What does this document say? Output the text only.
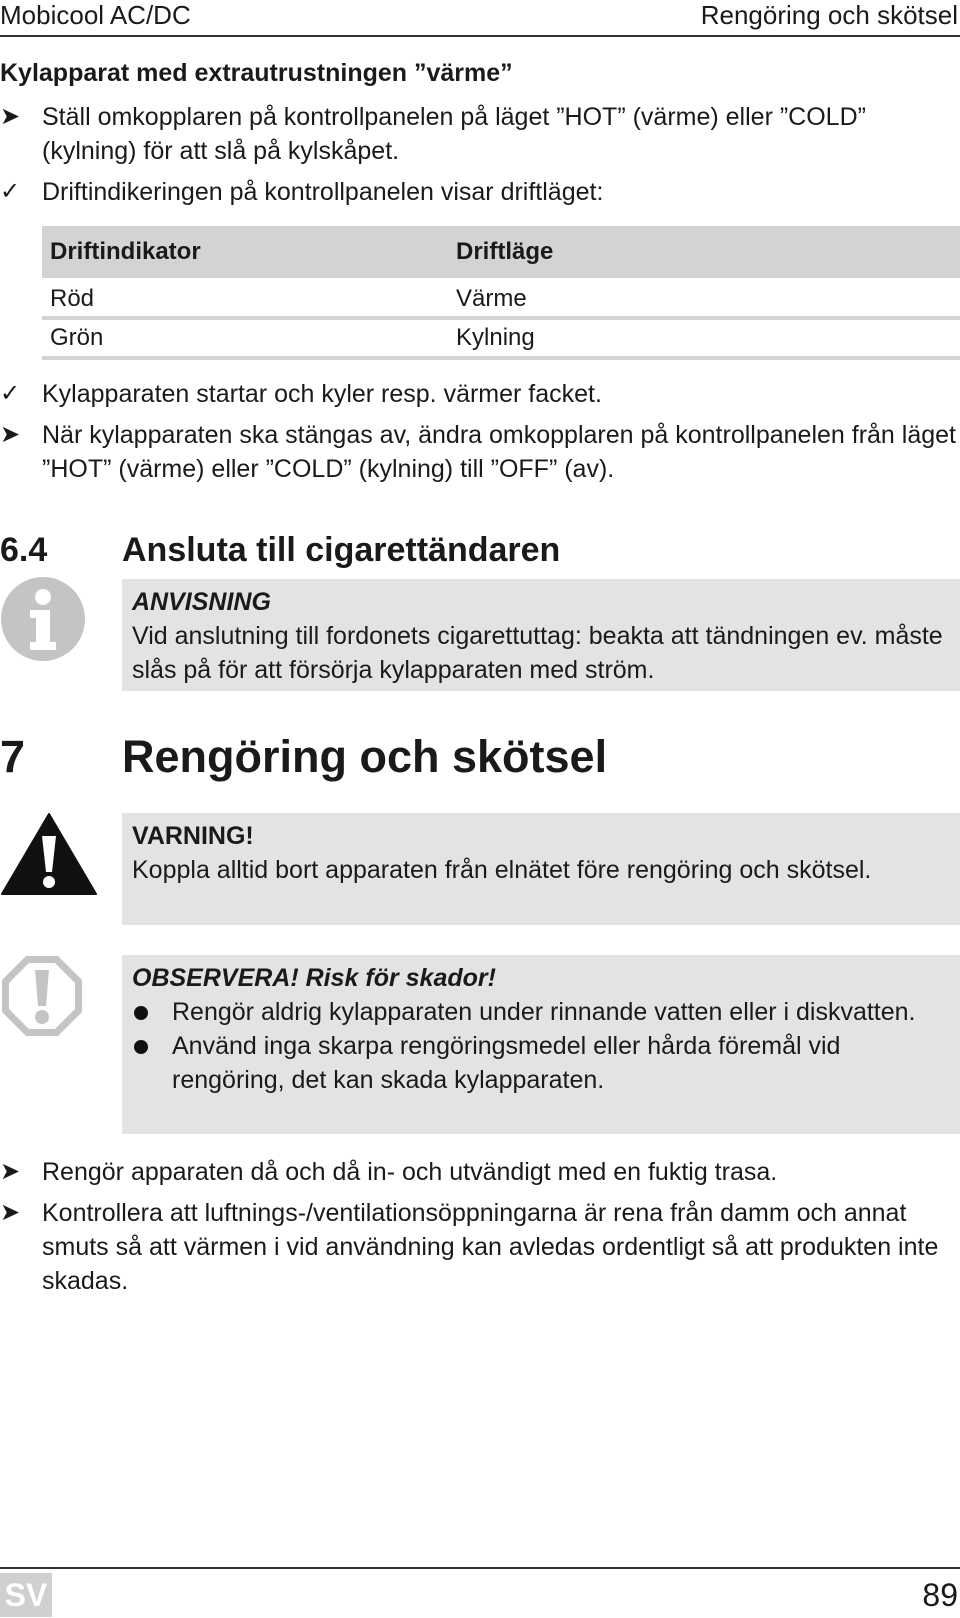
Mobicool AC/DC	Rengöring och skötsel
Kylapparat med extrautrustningen ”värme”
➤ Ställ omkopplaren på kontrollpanelen på läget ”HOT” (värme) eller ”COLD” (kylning) för att slå på kylskåpet.
✓ Driftindikeringen på kontrollpanelen visar driftläget:
Driftindikator	Driftläge
Röd	Värme
Grön	Kylning
✓ Kylapparaten startar och kyler resp. värmer facket.
➤ När kylapparaten ska stängas av, ändra omkopplaren på kontrollpanelen från läget ”HOT” (värme) eller ”COLD” (kylning) till ”OFF” (av).
6.4 Ansluta till cigarettändaren
ANVISNING
Vid anslutning till fordonets cigarettuttag: beakta att tändningen ev. måste slås på för att försörja kylapparaten med ström.
7 Rengöring och skötsel
VARNING!
Koppla alltid bort apparaten från elnätet före rengöring och skötsel.
OBSERVERA! Risk för skador!
Rengör aldrig kylapparaten under rinnande vatten eller i diskvatten.
Använd inga skarpa rengöringsmedel eller hårda föremål vid rengöring, det kan skada kylapparaten.
➤ Rengör apparaten då och då in- och utvändigt med en fuktig trasa.
➤ Kontrollera att luftnings-/ventilationsöppningarna är rena från damm och annat smuts så att värmen i vid användning kan avledas ordentligt så att produkten inte skadas.
SV	89
